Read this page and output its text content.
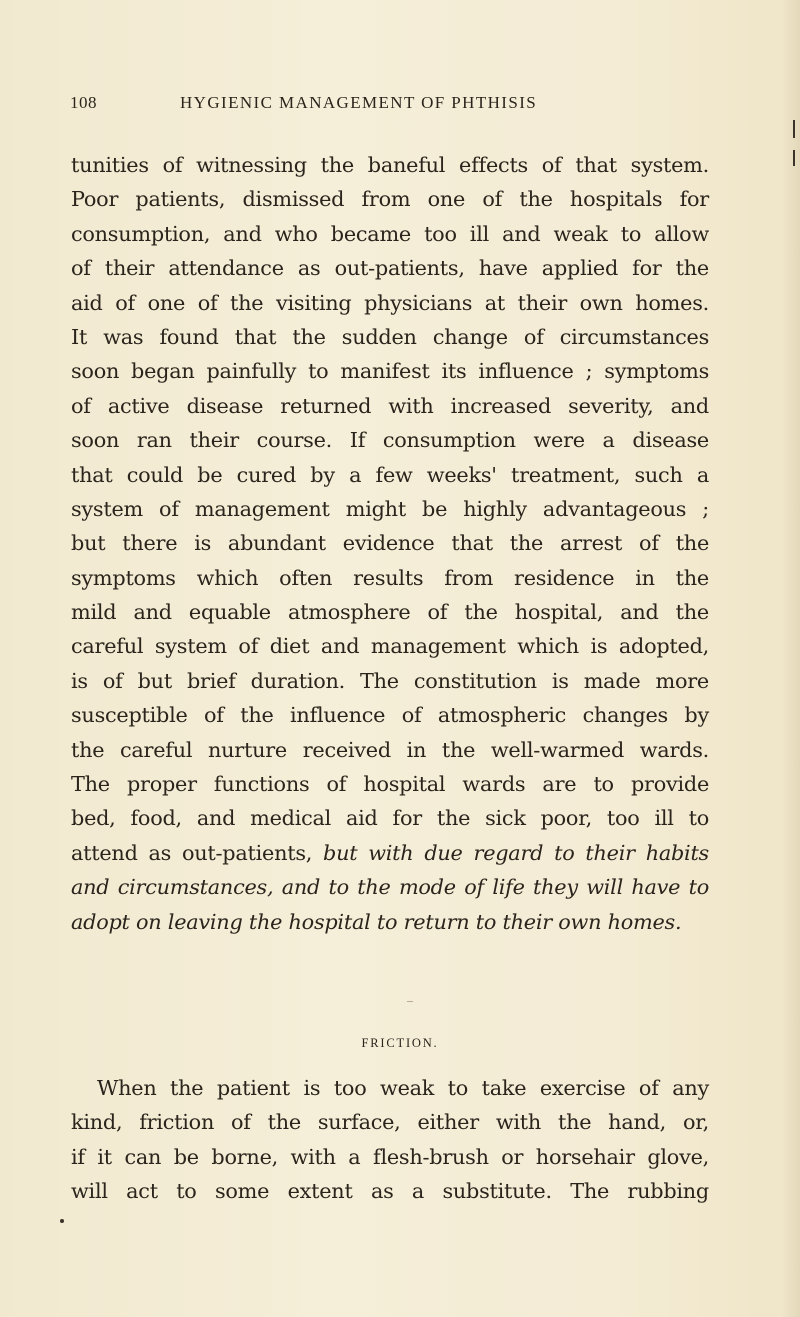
108	HYGIENIC MANAGEMENT OF PHTHISIS
tunities of witnessing the baneful effects of that system.
Poor patients, dismissed from one of the hospitals for
consumption, and who became too ill and weak to allow
of their attendance as out-patients, have applied for the
aid of one of the visiting physicians at their own homes.
It was found that the sudden change of circumstances
soon began painfully to manifest its influence ; symptoms
of active disease returned with increased severity, and
soon ran their course. If consumption were a disease
that could be cured by a few weeks' treatment, such a
system of management might be highly advantageous ;
but there is abundant evidence that the arrest of the
symptoms which often results from residence in the
mild and equable atmosphere of the hospital, and the
careful system of diet and management which is adopted,
is of but brief duration. The constitution is made more
susceptible of the influence of atmospheric changes by
the careful nurture received in the well-warmed wards.
The proper functions of hospital wards are to provide
bed, food, and medical aid for the sick poor, too ill to
attend as out-patients, but with due regard to their habits
and circumstances, and to the mode of life they will have to
adopt on leaving the hospital to return to their own homes.
FRICTION.
When the patient is too weak to take exercise of any
kind, friction of the surface, either with the hand, or,
if it can be borne, with a flesh-brush or horsehair glove,
will act to some extent as a substitute. The rubbing
